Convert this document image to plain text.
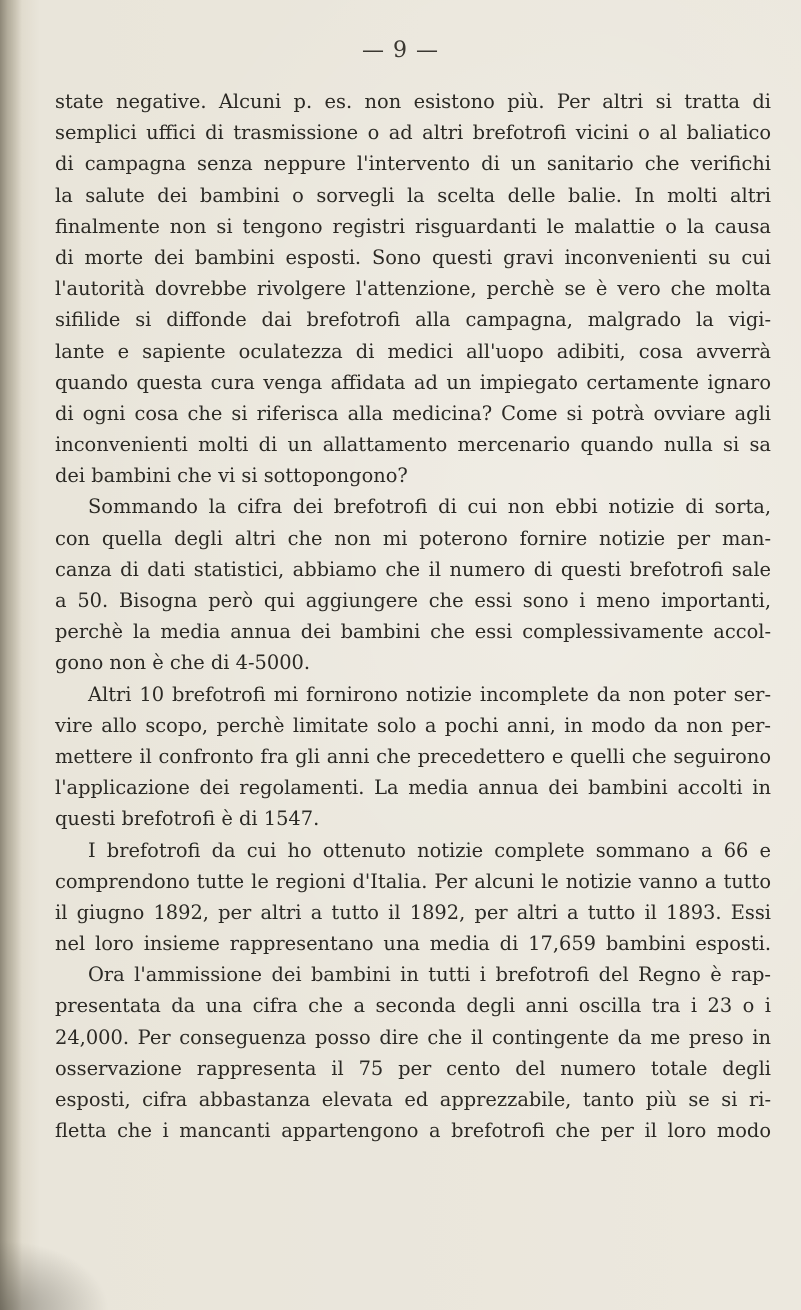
— 9 —
state negative. Alcuni p. es. non esistono più. Per altri si tratta di
semplici uffici di trasmissione o ad altri brefotrofi vicini o al baliatico
di campagna senza neppure l'intervento di un sanitario che verifichi
la salute dei bambini o sorvegli la scelta delle balie. In molti altri
finalmente non si tengono registri risguardanti le malattie o la causa
di morte dei bambini esposti. Sono questi gravi inconvenienti su cui
l'autorità dovrebbe rivolgere l'attenzione, perchè se è vero che molta
sifilide si diffonde dai brefotrofi alla campagna, malgrado la vigi-
lante e sapiente oculatezza di medici all'uopo adibiti, cosa avverrà
quando questa cura venga affidata ad un impiegato certamente ignaro
di ogni cosa che si riferisca alla medicina? Come si potrà ovviare agli
inconvenienti molti di un allattamento mercenario quando nulla si sa
dei bambini che vi si sottopongono?
Sommando la cifra dei brefotrofi di cui non ebbi notizie di sorta,
con quella degli altri che non mi poterono fornire notizie per man-
canza di dati statistici, abbiamo che il numero di questi brefotrofi sale
a 50. Bisogna però qui aggiungere che essi sono i meno importanti,
perchè la media annua dei bambini che essi complessivamente accol-
gono non è che di 4-5000.
Altri 10 brefotrofi mi fornirono notizie incomplete da non poter ser-
vire allo scopo, perchè limitate solo a pochi anni, in modo da non per-
mettere il confronto fra gli anni che precedettero e quelli che seguirono
l'applicazione dei regolamenti. La media annua dei bambini accolti in
questi brefotrofi è di 1547.
I brefotrofi da cui ho ottenuto notizie complete sommano a 66 e
comprendono tutte le regioni d'Italia. Per alcuni le notizie vanno a tutto
il giugno 1892, per altri a tutto il 1892, per altri a tutto il 1893. Essi
nel loro insieme rappresentano una media di 17,659 bambini esposti.
Ora l'ammissione dei bambini in tutti i brefotrofi del Regno è rap-
presentata da una cifra che a seconda degli anni oscilla tra i 23 o i
24,000. Per conseguenza posso dire che il contingente da me preso in
osservazione rappresenta il 75 per cento del numero totale degli
esposti, cifra abbastanza elevata ed apprezzabile, tanto più se si ri-
fletta che i mancanti appartengono a brefotrofi che per il loro modo
